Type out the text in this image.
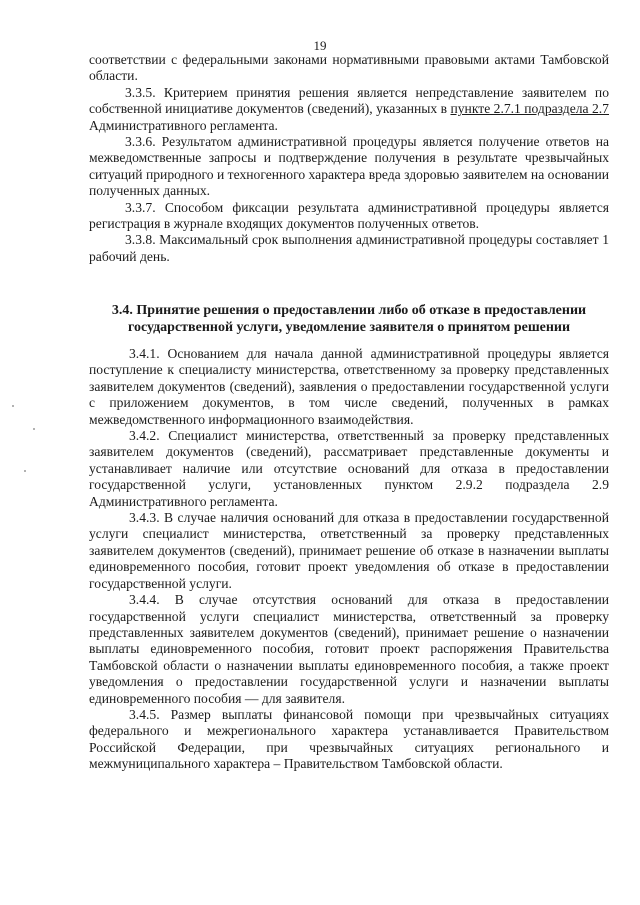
19

соответствии с федеральными законами нормативными правовыми актами Тамбовской области.

3.3.5. Критерием принятия решения является непредставление заявителем по собственной инициативе документов (сведений), указанных в пункте 2.7.1 подраздела 2.7 Административного регламента.

3.3.6. Результатом административной процедуры является получение ответов на межведомственные запросы и подтверждение получения в результате чрезвычайных ситуаций природного и техногенного характера вреда здоровью заявителем на основании полученных данных.

3.3.7. Способом фиксации результата административной процедуры является регистрация в журнале входящих документов полученных ответов.

3.3.8. Максимальный срок выполнения административной процедуры составляет 1 рабочий день.

3.4. Принятие решения о предоставлении либо об отказе в предоставлении
государственной услуги, уведомление заявителя о принятом решении

3.4.1. Основанием для начала данной административной процедуры является поступление к специалисту министерства, ответственному за проверку представленных заявителем документов (сведений), заявления о предоставлении государственной услуги с приложением документов, в том числе сведений, полученных в рамках межведомственного информационного взаимодействия.

3.4.2. Специалист министерства, ответственный за проверку представленных заявителем документов (сведений), рассматривает представленные документы и устанавливает наличие или отсутствие оснований для отказа в предоставлении государственной услуги, установленных пунктом 2.9.2 подраздела 2.9 Административного регламента.

3.4.3. В случае наличия оснований для отказа в предоставлении государственной услуги специалист министерства, ответственный за проверку представленных заявителем документов (сведений), принимает решение об отказе в назначении выплаты единовременного пособия, готовит проект уведомления об отказе в предоставлении государственной услуги.

3.4.4. В случае отсутствия оснований для отказа в предоставлении государственной услуги специалист министерства, ответственный за проверку представленных заявителем документов (сведений), принимает решение о назначении выплаты единовременного пособия, готовит проект распоряжения Правительства Тамбовской области о назначении выплаты единовременного пособия, а также проект уведомления о предоставлении государственной услуги и назначении выплаты единовременного пособия — для заявителя.

3.4.5. Размер выплаты финансовой помощи при чрезвычайных ситуациях федерального и межрегионального характера устанавливается Правительством Российской Федерации, при чрезвычайных ситуациях регионального и межмуниципального характера – Правительством Тамбовской области.
